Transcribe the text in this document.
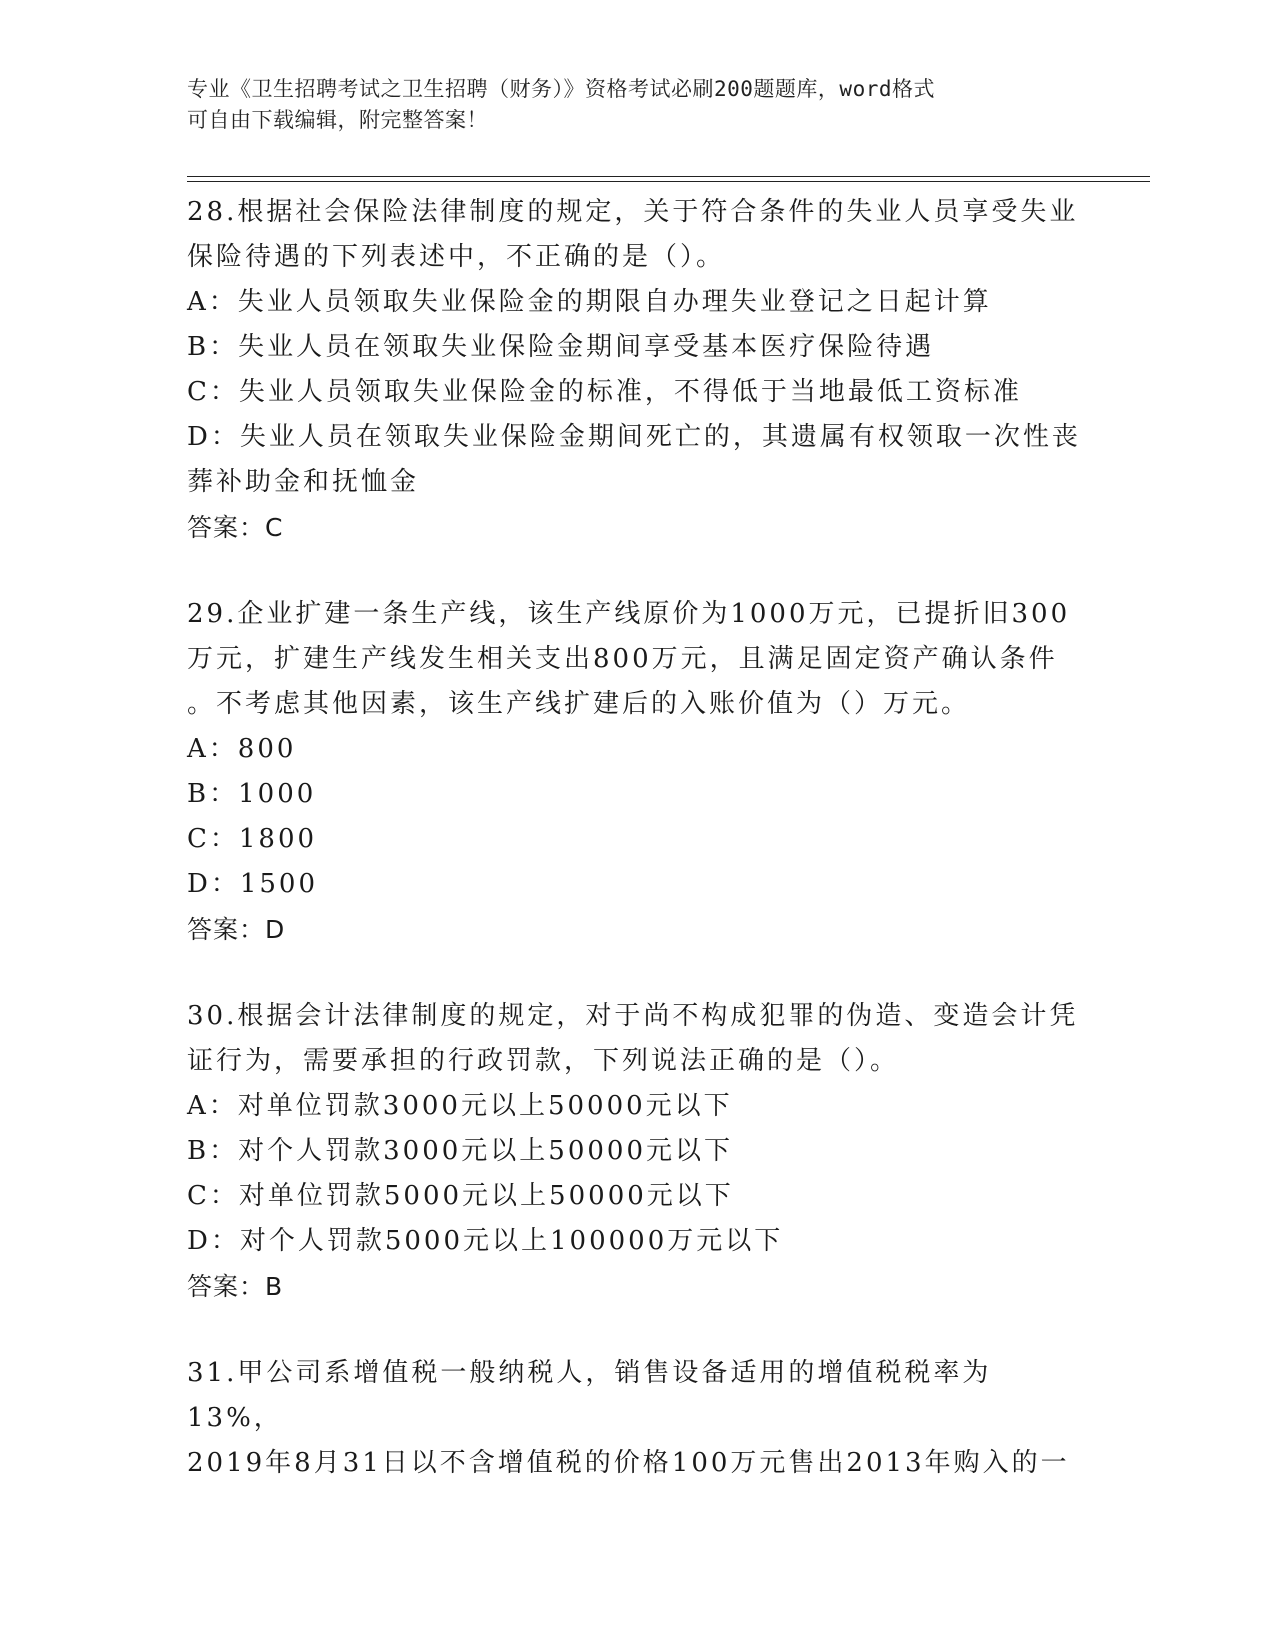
专业《卫生招聘考试之卫生招聘（财务）》资格考试必刷200题题库，word格式
可自由下载编辑，附完整答案！

28.根据社会保险法律制度的规定，关于符合条件的失业人员享受失业

保险待遇的下列表述中，不正确的是（）。

A：失业人员领取失业保险金的期限自办理失业登记之日起计算

B：失业人员在领取失业保险金期间享受基本医疗保险待遇

C：失业人员领取失业保险金的标准，不得低于当地最低工资标准

D：失业人员在领取失业保险金期间死亡的，其遗属有权领取一次性丧

葬补助金和抚恤金

答案：C

29.企业扩建一条生产线，该生产线原价为1000万元，已提折旧300

万元，扩建生产线发生相关支出800万元，且满足固定资产确认条件

。不考虑其他因素，该生产线扩建后的入账价值为（）万元。

A：800

B：1000

C：1800

D：1500

答案：D

30.根据会计法律制度的规定，对于尚不构成犯罪的伪造、变造会计凭

证行为，需要承担的行政罚款，下列说法正确的是（）。

A：对单位罚款3000元以上50000元以下

B：对个人罚款3000元以上50000元以下

C：对单位罚款5000元以上50000元以下

D：对个人罚款5000元以上100000万元以下

答案：B

31.甲公司系增值税一般纳税人，销售设备适用的增值税税率为13%，

2019年8月31日以不含增值税的价格100万元售出2013年购入的一
